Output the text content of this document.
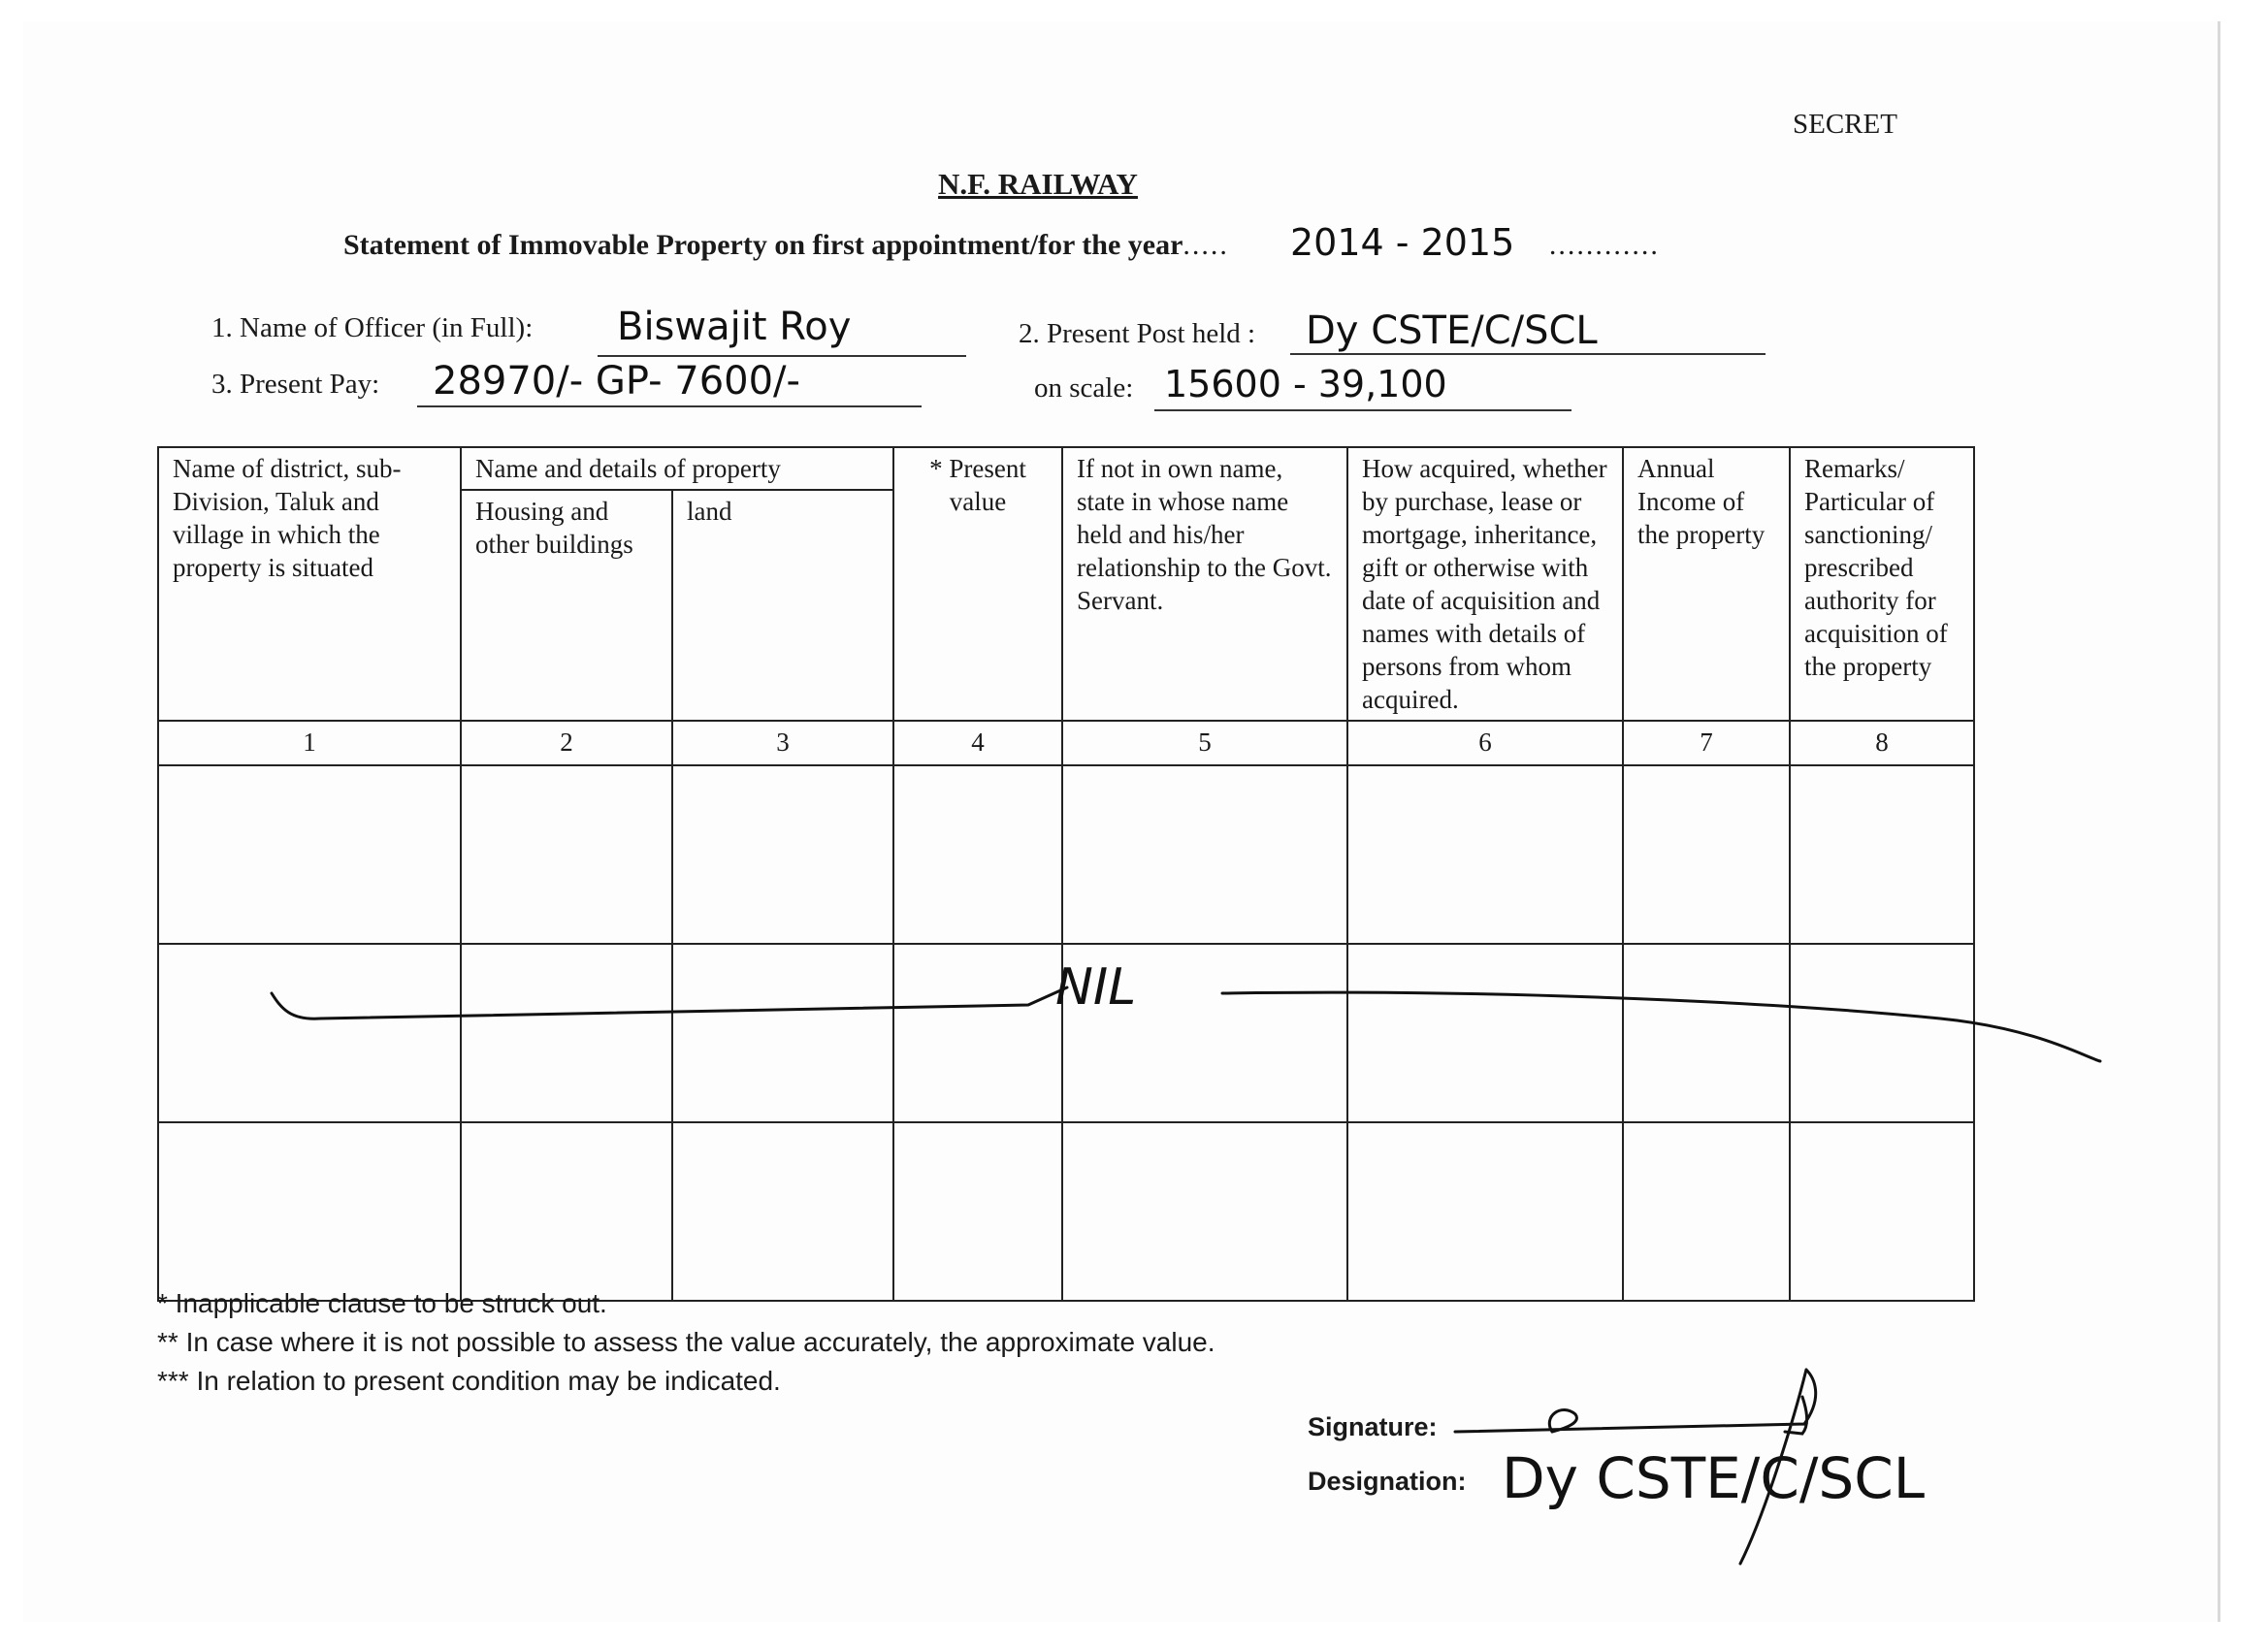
SECRET
N.F. RAILWAY
Statement of Immovable Property on first appointment/for the year.....	............
2014 - 2015
1. Name of Officer (in Full): Biswajit Roy	2. Present Post held : Dy CSTE/C/SCL
3. Present Pay: 28970/- GP- 7600/-	on scale: 15600 - 39,100
Name of district, sub-Division, Taluk and village in which the property is situated	Name and details of property		* Present value	If not in own name, state in whose name held and his/her relationship to the Govt. Servant.	How acquired, whether by purchase, lease or mortgage, inheritance, gift or otherwise with date of acquisition and names with details of persons from whom acquired.	Annual Income of the property	Remarks/ Particular of sanctioning/ prescribed authority for acquisition of the property
	Housing and other buildings	land					
1	2	3	4	5	6	7	8

NIL
* Inapplicable clause to be struck out.
** In case where it is not possible to assess the value accurately, the approximate value.
*** In relation to present condition may be indicated.
Signature:
Designation: Dy CSTE/C/SCL
